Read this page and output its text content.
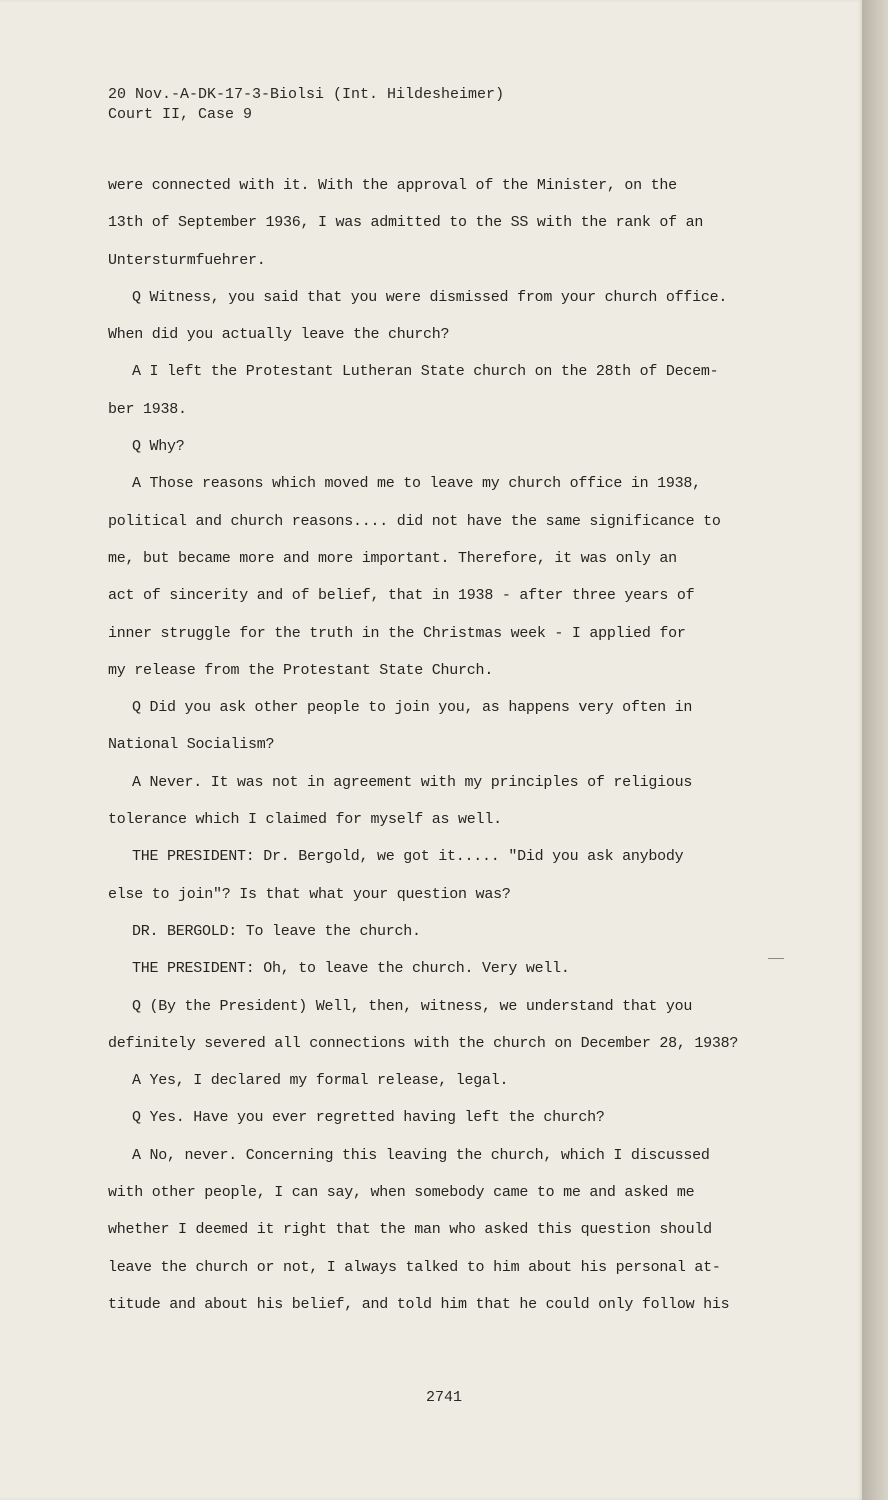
20 Nov.-A-DK-17-3-Biolsi (Int. Hildesheimer)
Court II, Case 9
were connected with it. With the approval of the Minister, on the
13th of September 1936, I was admitted to the SS with the rank of an
Untersturmfuehrer.
Q Witness, you said that you were dismissed from your church office.
When did you actually leave the church?
A I left the Protestant Lutheran State church on the 28th of Decem-
ber 1938.
Q Why?
A Those reasons which moved me to leave my church office in 1938,
political and church reasons.... did not have the same significance to
me, but became more and more important. Therefore, it was only an
act of sincerity and of belief, that in 1938 - after three years of
inner struggle for the truth in the Christmas week - I applied for
my release from the Protestant State Church.
Q Did you ask other people to join you, as happens very often in
National Socialism?
A Never. It was not in agreement with my principles of religious
tolerance which I claimed for myself as well.
THE PRESIDENT: Dr. Bergold, we got it..... "Did you ask anybody
else to join"? Is that what your question was?
DR. BERGOLD: To leave the church.
THE PRESIDENT: Oh, to leave the church. Very well.
Q (By the President) Well, then, witness, we understand that you
definitely severed all connections with the church on December 28, 1938?
A Yes, I declared my formal release, legal.
Q Yes. Have you ever regretted having left the church?
A No, never. Concerning this leaving the church, which I discussed
with other people, I can say, when somebody came to me and asked me
whether I deemed it right that the man who asked this question should
leave the church or not, I always talked to him about his personal at-
titude and about his belief, and told him that he could only follow his
2741
